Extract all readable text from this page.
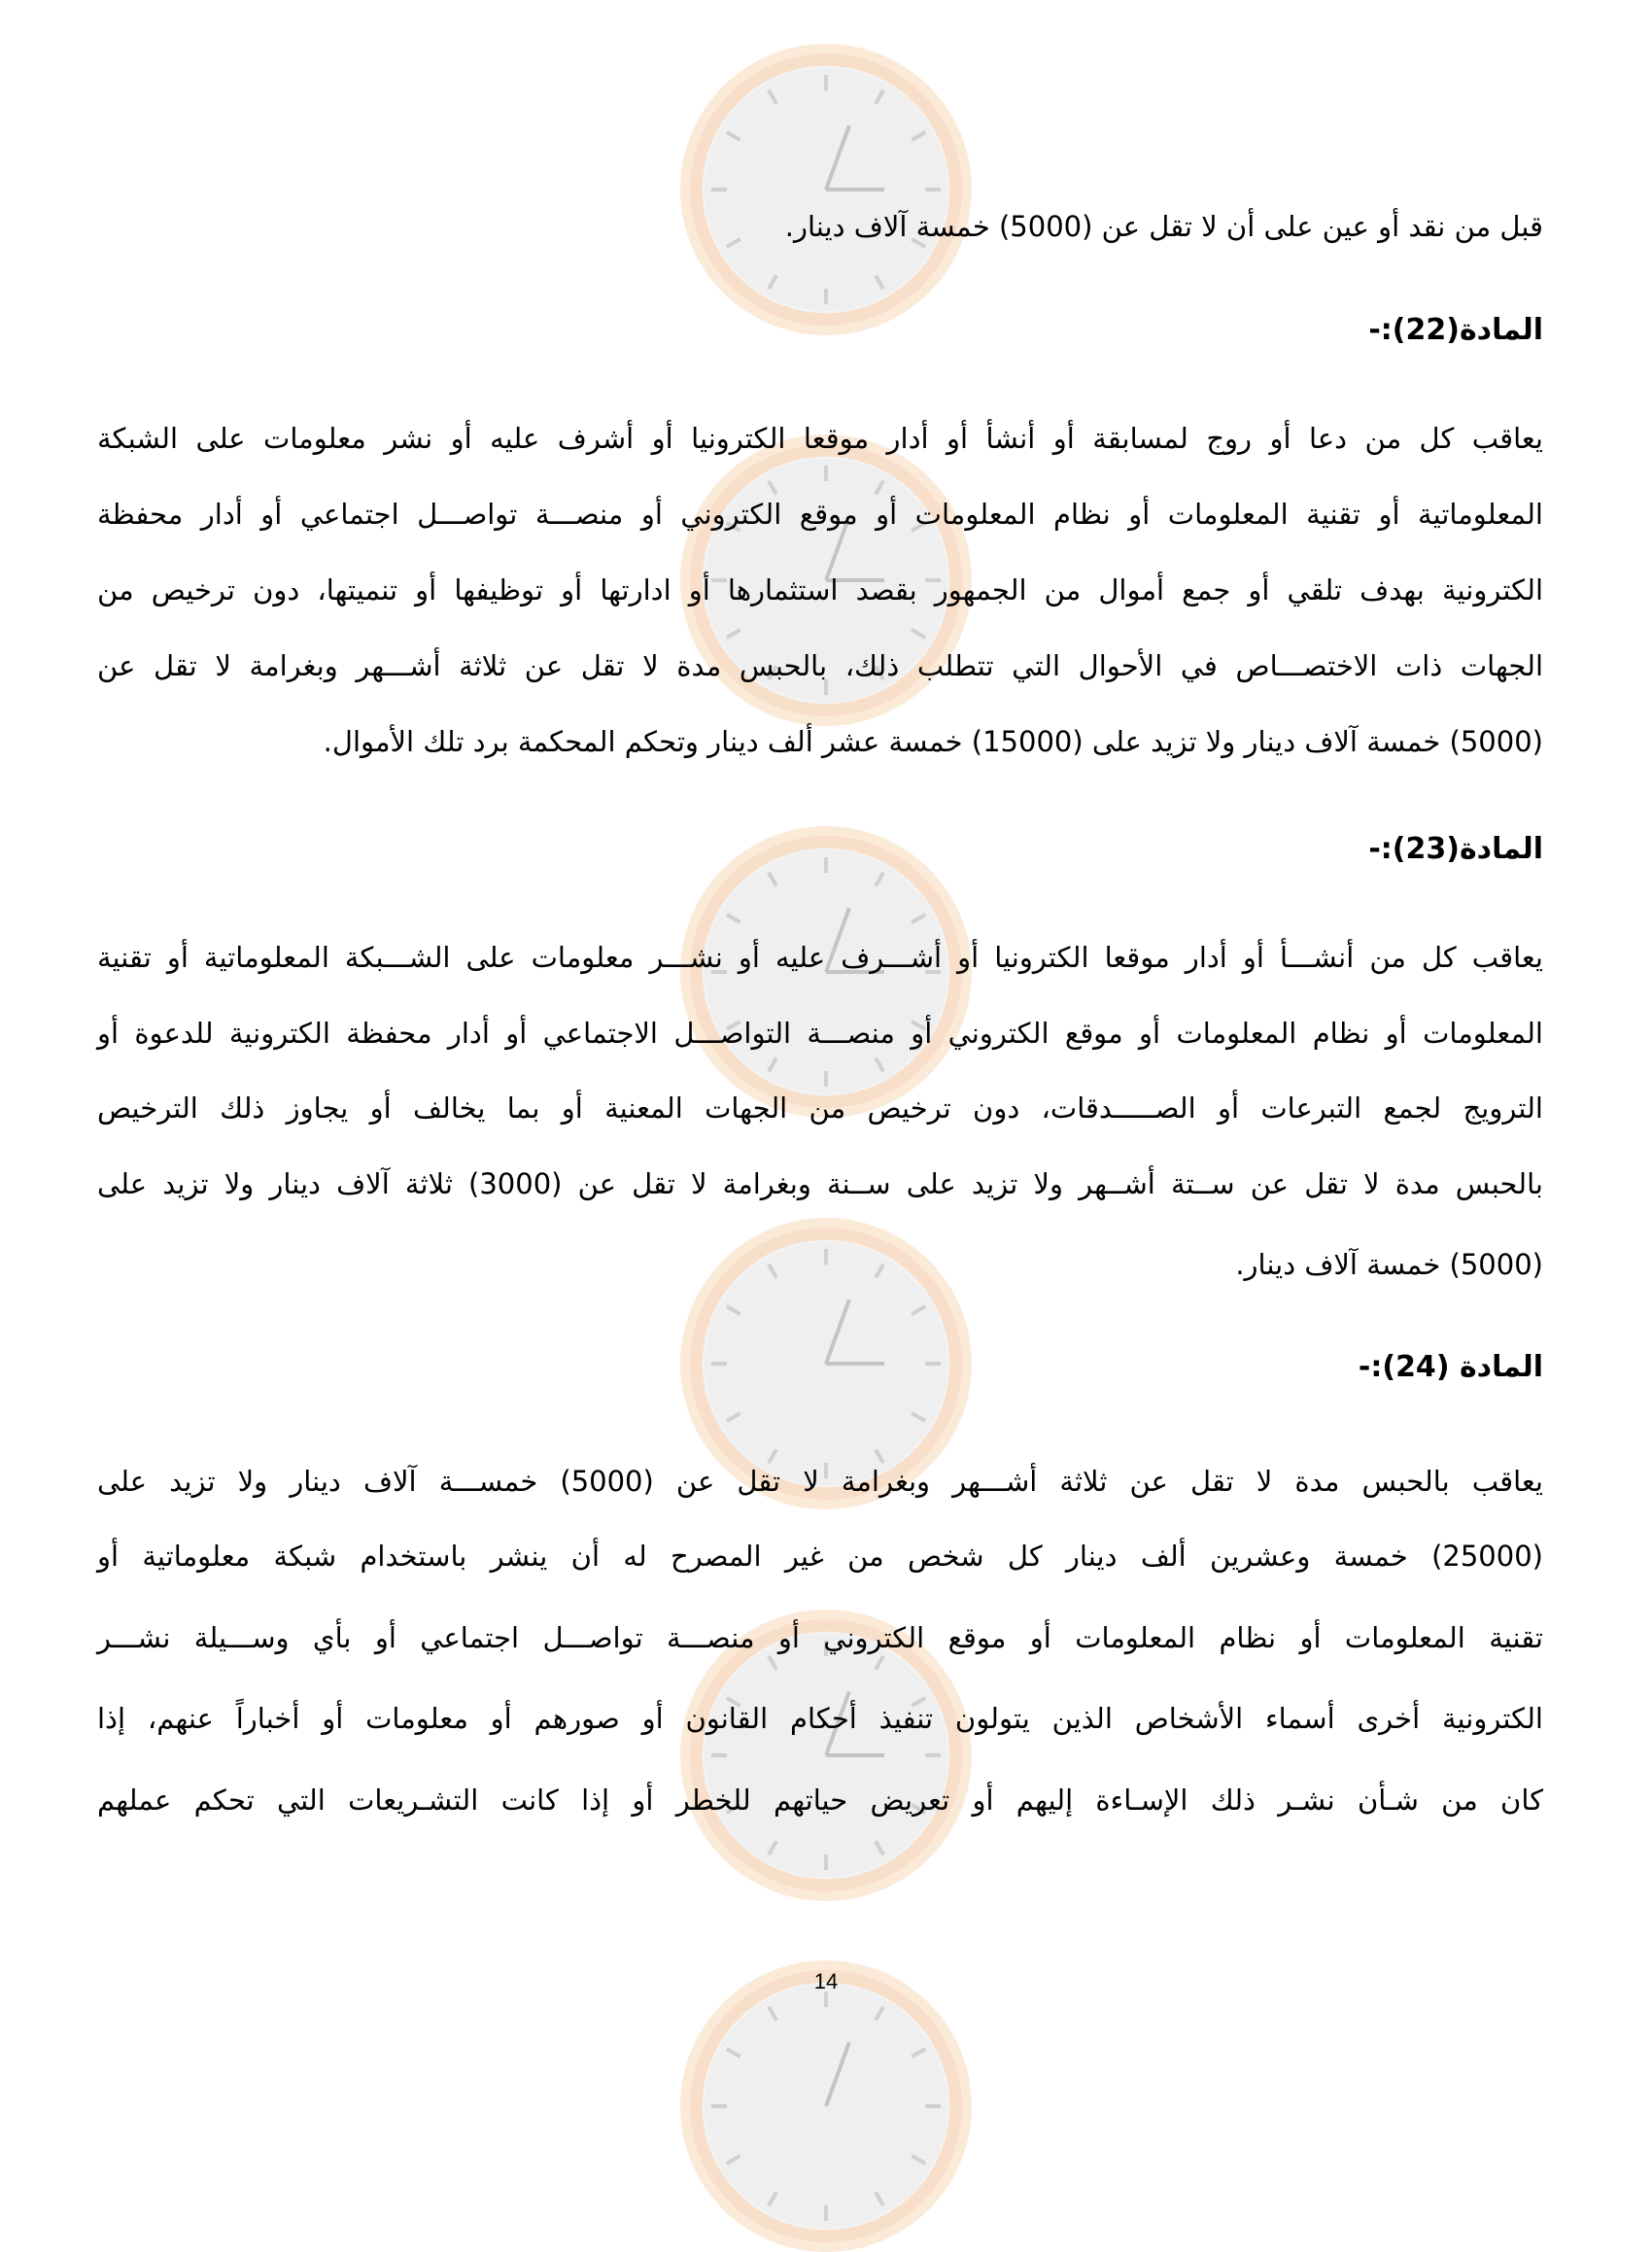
قبل من نقد أو عين على أن لا تقل عن (5000) خمسة آلاف دينار.
المادة(22):-
يعاقب كل من دعا أو روج لمسابقة أو أنشأ أو أدار موقعا الكترونيا أو أشرف عليه أو نشر معلومات على الشبكة
المعلوماتية أو تقنية المعلومات أو نظام المعلومات أو موقع الكتروني أو منصـــة تواصـــل اجتماعي أو أدار محفظة
الكترونية بهدف تلقي أو جمع أموال من الجمهور بقصد استثمارها أو ادارتها أو توظيفها أو تنميتها، دون ترخيص من
الجهات ذات الاختصـــاص في الأحوال التي تتطلب ذلك، بالحبس مدة لا تقل عن ثلاثة أشـــهر وبغرامة لا تقل عن
(5000) خمسة آلاف دينار ولا تزيد على (15000) خمسة عشر ألف دينار وتحكم المحكمة برد تلك الأموال.
المادة(23):-
يعاقب كل من أنشـــأ أو أدار موقعا الكترونيا أو أشـــرف عليه أو نشـــر معلومات على الشـــبكة المعلوماتية أو تقنية
المعلومات أو نظام المعلومات أو موقع الكتروني أو منصـــة التواصـــل الاجتماعي أو أدار محفظة الكترونية للدعوة أو
الترويج لجمع التبرعات أو الصـــــدقات، دون ترخيص من الجهات المعنية أو بما يخالف أو يجاوز ذلك الترخيص
بالحبس مدة لا تقل عن ســتة أشــهر ولا تزيد على ســنة وبغرامة لا تقل عن (3000) ثلاثة آلاف دينار ولا تزيد على
(5000) خمسة آلاف دينار.
المادة (24):-
يعاقب بالحبس مدة لا تقل عن ثلاثة أشـــهر وبغرامة لا تقل عن (5000) خمســـة آلاف دينار ولا تزيد على
(25000) خمسة وعشرين ألف دينار كل شخص من غير المصرح له أن ينشر باستخدام شبكة معلوماتية أو
تقنية المعلومات أو نظام المعلومات أو موقع الكتروني أو منصـــة تواصـــل اجتماعي أو بأي وســـيلة نشـــر
الكترونية أخرى أسماء الأشخاص الذين يتولون تنفيذ أحكام القانون أو صورهم أو معلومات أو أخباراً عنهم، إذا
كان من شـأن نشـر ذلك الإسـاءة إليهم أو تعريض حياتهم للخطر أو إذا كانت التشـريعات التي تحكم عملهم
14
